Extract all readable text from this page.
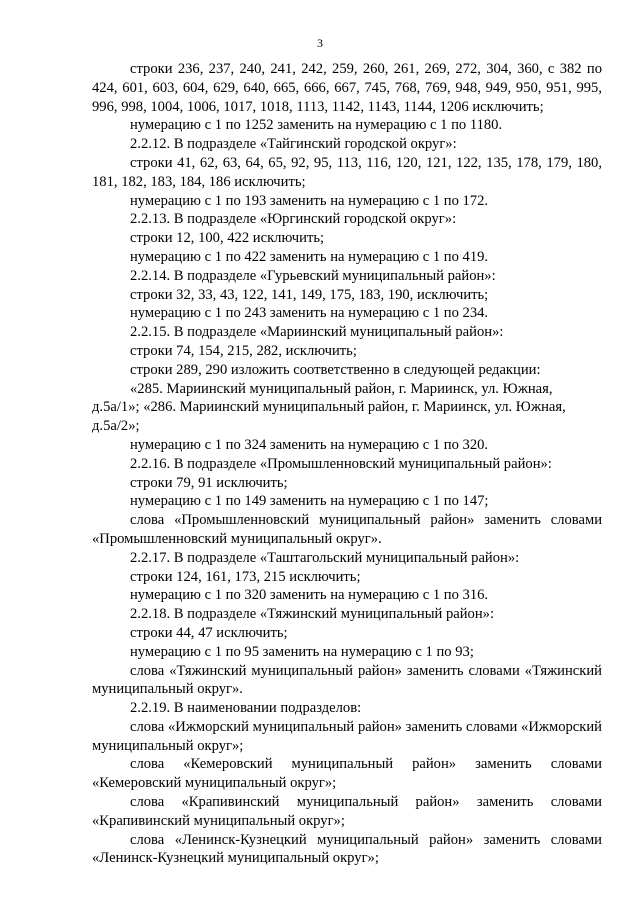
3

строки 236, 237, 240, 241, 242, 259, 260, 261, 269, 272, 304, 360, с 382 по 424, 601, 603, 604, 629, 640, 665, 666, 667, 745, 768, 769, 948, 949, 950, 951, 995, 996, 998, 1004, 1006, 1017, 1018, 1113, 1142, 1143, 1144, 1206 исключить;

нумерацию с 1 по 1252 заменить на нумерацию с 1 по 1180.

2.2.12. В подразделе «Тайгинский городской округ»:

строки 41, 62, 63, 64, 65, 92, 95, 113, 116, 120, 121, 122, 135, 178, 179, 180, 181, 182, 183, 184, 186 исключить;

нумерацию с 1 по 193 заменить на нумерацию с 1 по 172.

2.2.13. В подразделе «Юргинский городской округ»:

строки 12, 100, 422 исключить;

нумерацию с 1 по 422 заменить на нумерацию с 1 по 419.

2.2.14. В подразделе «Гурьевский муниципальный район»:

строки 32, 33, 43, 122, 141, 149, 175, 183, 190, исключить;

нумерацию с 1 по 243 заменить на нумерацию с 1 по 234.

2.2.15. В подразделе «Мариинский муниципальный район»:

строки 74, 154, 215, 282, исключить;

строки 289, 290 изложить соответственно в следующей редакции:

«285. Мариинский муниципальный район, г. Мариинск, ул. Южная, д.5а/1»; «286. Мариинский муниципальный район, г. Мариинск, ул. Южная, д.5а/2»;

нумерацию с 1 по 324 заменить на нумерацию с 1 по 320.

2.2.16. В подразделе «Промышленновский муниципальный район»:

строки 79, 91 исключить;

нумерацию с 1 по 149 заменить на нумерацию с 1 по 147;

слова «Промышленновский муниципальный район» заменить словами «Промышленновский муниципальный округ».

2.2.17. В подразделе «Таштагольский муниципальный район»:

строки 124, 161, 173, 215 исключить;

нумерацию с 1 по 320 заменить на нумерацию с 1 по 316.

2.2.18. В подразделе «Тяжинский муниципальный район»:

строки 44, 47 исключить;

нумерацию с 1 по 95 заменить на нумерацию с 1 по 93;

слова «Тяжинский муниципальный район» заменить словами «Тяжинский муниципальный округ».

2.2.19. В наименовании подразделов:

слова «Ижморский муниципальный район» заменить словами «Ижморский муниципальный округ»;

слова «Кемеровский муниципальный район» заменить словами «Кемеровский муниципальный округ»;

слова «Крапивинский муниципальный район» заменить словами «Крапивинский муниципальный округ»;

слова «Ленинск-Кузнецкий муниципальный район» заменить словами «Ленинск-Кузнецкий муниципальный округ»;
